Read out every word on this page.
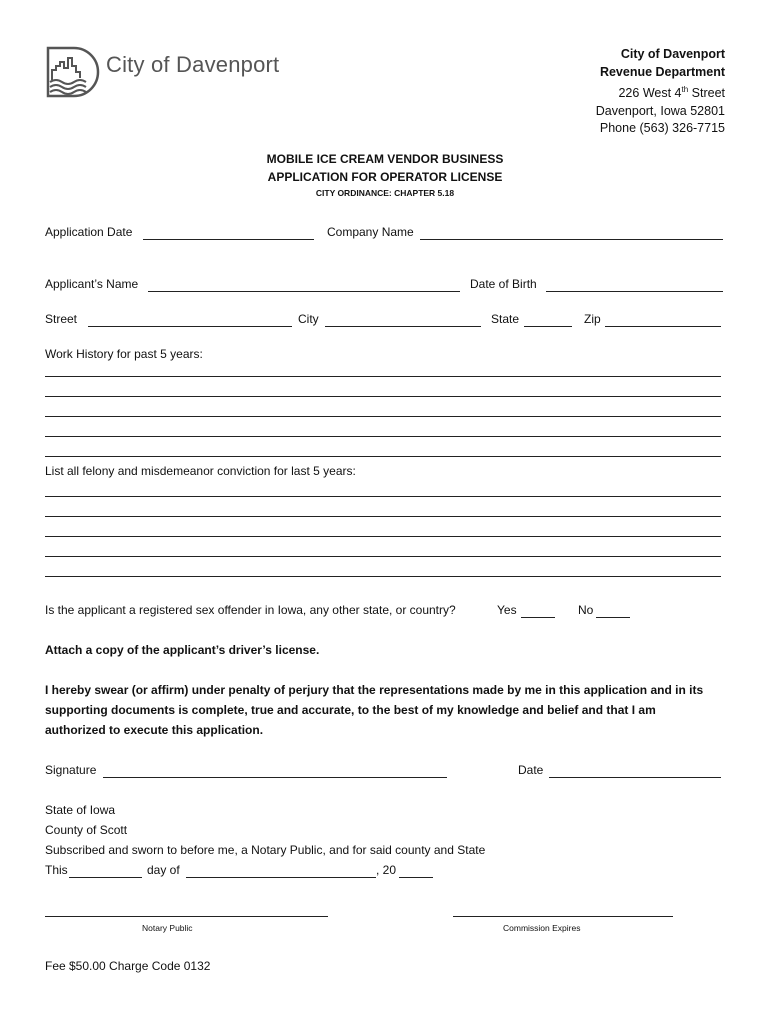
City of Davenport	City of Davenport
Revenue Department
226 West 4th Street
Davenport, Iowa 52801
Phone (563) 326-7715
MOBILE ICE CREAM VENDOR BUSINESS
APPLICATION FOR OPERATOR LICENSE
CITY ORDINANCE: CHAPTER 5.18
Application Date	Company Name
Applicant’s Name	Date of Birth
Street	City	State	Zip
Work History for past 5 years:
List all felony and misdemeanor conviction for last 5 years:
Is the applicant a registered sex offender in Iowa, any other state, or country?	Yes	No
Attach a copy of the applicant’s driver’s license.
I hereby swear (or affirm) under penalty of perjury that the representations made by me in this application and in its
supporting documents is complete, true and accurate, to the best of my knowledge and belief and that I am
authorized to execute this application.
Signature	Date
State of Iowa
County of Scott
Subscribed and sworn to before me, a Notary Public, and for said county and State
This	day of	, 20
Notary Public	Commission Expires
Fee $50.00 Charge Code 0132
